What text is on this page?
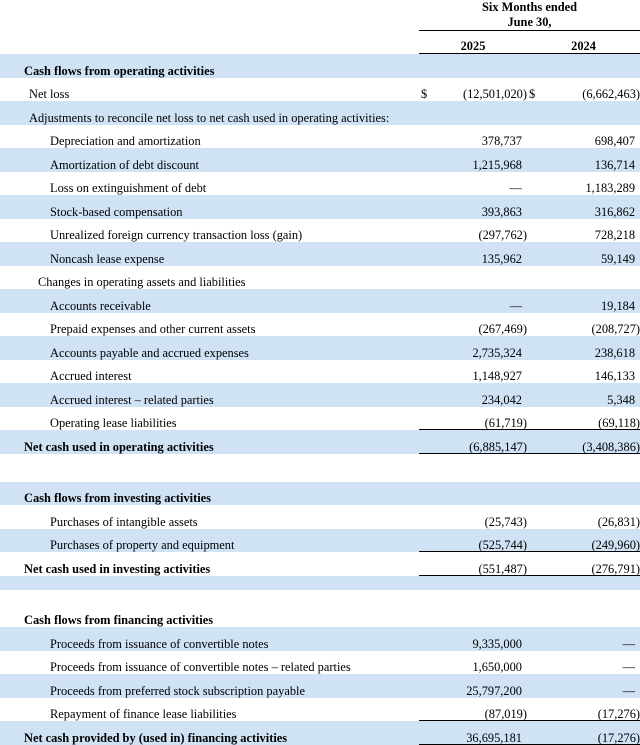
	Six Months ended
June 30,			

	2025		2024	

Cash flows from operating activities				
Net loss	$	(12,501,020)	$	(6,662,463)
Adjustments to reconcile net loss to net cash used in operating activities:				
Depreciation and amortization		378,737		698,407
Amortization of debt discount		1,215,968		136,714
Loss on extinguishment of debt		—		1,183,289
Stock-based compensation		393,863		316,862
Unrealized foreign currency transaction loss (gain)		(297,762)		728,218
Noncash lease expense		135,962		59,149
Changes in operating assets and liabilities				
Accounts receivable		—		19,184
Prepaid expenses and other current assets		(267,469)		(208,727)
Accounts payable and accrued expenses		2,735,324		238,618
Accrued interest		1,148,927		146,133
Accrued interest – related parties		234,042		5,348
Operating lease liabilities		(61,719)		(69,118)
Net cash used in operating activities		(6,885,147)		(3,408,386)

Cash flows from investing activities				
Purchases of intangible assets		(25,743)		(26,831)
Purchases of property and equipment		(525,744)		(249,960)
Net cash used in investing activities		(551,487)		(276,791)

Cash flows from financing activities				
Proceeds from issuance of convertible notes		9,335,000		—
Proceeds from issuance of convertible notes – related parties		1,650,000		—
Proceeds from preferred stock subscription payable		25,797,200		—
Repayment of finance lease liabilities		(87,019)		(17,276)
Net cash provided by (used in) financing activities		36,695,181		(17,276)
